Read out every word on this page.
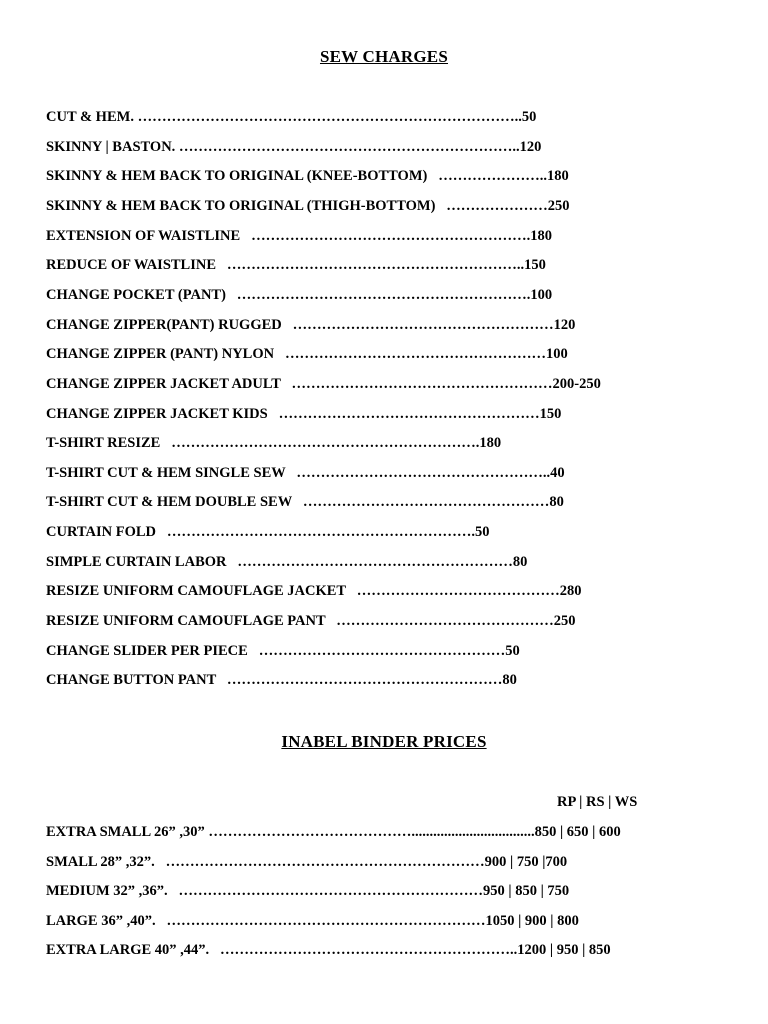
SEW CHARGES
CUT & HEM. ……………………………………………………………………..50
SKINNY | BASTON. ……………………………………………………………..120
SKINNY & HEM BACK TO ORIGINAL (KNEE-BOTTOM)   …………………..180
SKINNY & HEM BACK TO ORIGINAL (THIGH-BOTTOM)   …………………250
EXTENSION OF WAISTLINE   ………………………………………………….180
REDUCE OF WAISTLINE   ……………………………………………………..150
CHANGE POCKET (PANT)   …………………………………………………….100
CHANGE ZIPPER(PANT) RUGGED   ………………………………………………120
CHANGE ZIPPER (PANT) NYLON   ………………………………………………100
CHANGE ZIPPER JACKET ADULT   ………………………………………………200-250
CHANGE ZIPPER JACKET KIDS   ………………………………………………150
T-SHIRT RESIZE   ……………………………………………………….180
T-SHIRT CUT & HEM SINGLE SEW   ……………………………………………..40
T-SHIRT CUT & HEM DOUBLE SEW   ……………………………………………80
CURTAIN FOLD   ……………………………………………………….50
SIMPLE CURTAIN LABOR   …………………………………………………80
RESIZE UNIFORM CAMOUFLAGE JACKET   ……………………………………280
RESIZE UNIFORM CAMOUFLAGE PANT   ………………………………………250
CHANGE SLIDER PER PIECE   ……………………………………………50
CHANGE BUTTON PANT   …………………………………………………80
INABEL BINDER PRICES
RP | RS | WS
EXTRA SMALL 26” ,30” ……………………………………..................................850 | 650 | 600
SMALL 28” ,32”.   …………………………………………………………900 | 750 |700
MEDIUM 32” ,36”.   ………………………………………………………950 | 850 | 750
LARGE 36” ,40”.   …………………………………………………………1050 | 900 | 800
EXTRA LARGE 40” ,44”.   ……………………………………………………..1200 | 950 | 850
